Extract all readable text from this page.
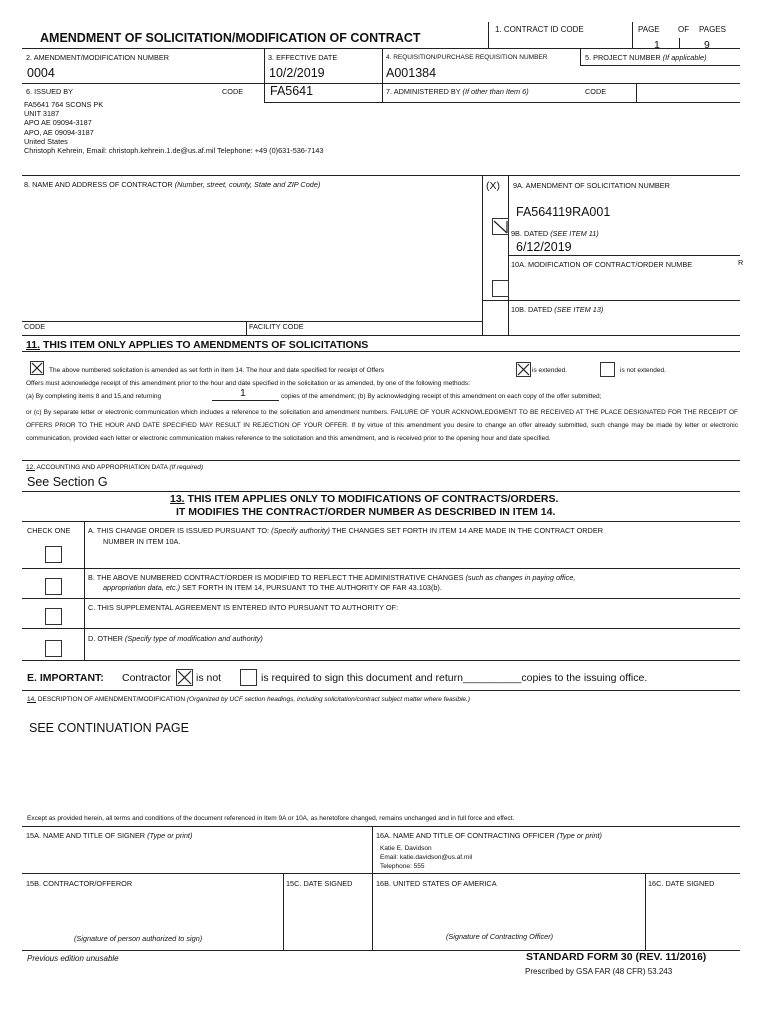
AMENDMENT OF SOLICITATION/MODIFICATION OF CONTRACT
1. CONTRACT ID CODE	PAGE OF PAGES
1	9
2. AMENDMENT/MODIFICATION NUMBER
0004
3. EFFECTIVE DATE
10/2/2019
4. REQUISITION/PURCHASE REQUISITION NUMBER
A001384
5. PROJECT NUMBER (If applicable)
6. ISSUED BY	CODE FA5641	7. ADMINISTERED BY (If other than Item 6)	CODE
FA5641 764 SCONS PK
UNIT 3187
APO AE 09094-3187
APO, AE 09094-3187
United States
Christoph Kehrein, Email: christoph.kehrein.1.de@us.af.mil Telephone: +49 (0)631-536-7143
8. NAME AND ADDRESS OF CONTRACTOR (Number, street, county, State and ZIP Code)	(X) 9A. AMENDMENT OF SOLICITATION NUMBER
FA564119RA001
9B. DATED (SEE ITEM 11)
6/12/2019
10A. MODIFICATION OF CONTRACT/ORDER NUMBE	R
10B. DATED (SEE ITEM 13)
CODE	FACILITY CODE
11. THIS ITEM ONLY APPLIES TO AMENDMENTS OF SOLICITATIONS
The above numbered solicitation is amended as set forth in Item 14. The hour and date specified for receipt of Offers	is extended.	is not extended.
Offers must acknowledge receipt of this amendment prior to the hour and date specified in the solicitation or as amended, by one of the following methods:
(a) By completing items 8 and 15,and returning	1	copies of the amendment; (b) By acknowledging receipt of this amendment on each copy of the offer submitted;
or (c) By separate letter or electronic communication which includes a reference to the solicitation and amendment numbers. FAILURE OF YOUR ACKNOWLEDGMENT TO BE RECEIVED AT THE PLACE DESIGNATED FOR THE RECEIPT OF OFFERS PRIOR TO THE HOUR AND DATE SPECIFIED MAY RESULT IN REJECTION OF YOUR OFFER. If by virtue of this amendment you desire to change an offer already submitted, such change may be made by letter or electronic communication, provided each letter or electronic communication makes reference to the solicitation and this amendment, and is received prior to the opening hour and date specified.
12. ACCOUNTING AND APPROPRIATION DATA (If required)
See Section G
13. THIS ITEM APPLIES ONLY TO MODIFICATIONS OF CONTRACTS/ORDERS.
IT MODIFIES THE CONTRACT/ORDER NUMBER AS DESCRIBED IN ITEM 14.
CHECK ONE A. THIS CHANGE ORDER IS ISSUED PURSUANT TO: (Specify authority) THE CHANGES SET FORTH IN ITEM 14 ARE MADE IN THE CONTRACT ORDER
NUMBER IN ITEM 10A.
B. THE ABOVE NUMBERED CONTRACT/ORDER IS MODIFIED TO REFLECT THE ADMINISTRATIVE CHANGES (such as changes in paying office,
appropriation data, etc.) SET FORTH IN ITEM 14, PURSUANT TO THE AUTHORITY OF FAR 43.103(b).
C. THIS SUPPLEMENTAL AGREEMENT IS ENTERED INTO PURSUANT TO AUTHORITY OF:
D. OTHER (Specify type of modification and authority)
E. IMPORTANT: Contractor is not	is required to sign this document and return__________copies to the issuing office.
14. DESCRIPTION OF AMENDMENT/MODIFICATION (Organized by UCF section headings, including solicitation/contract subject matter where feasible.)
SEE CONTINUATION PAGE
Except as provided herein, all terms and conditions of the document referenced in Item 9A or 10A, as heretofore changed, remains unchanged and in full force and effect.
15A. NAME AND TITLE OF SIGNER (Type or print)	16A. NAME AND TITLE OF CONTRACTING OFFICER (Type or print)
Katie E. Davidson
Email: katie.davidson@us.af.mil
Telephone: 555
15B. CONTRACTOR/OFFEROR	15C. DATE SIGNED	16B. UNITED STATES OF AMERICA	16C. DATE SIGNED
(Signature of person authorized to sign)	(Signature of Contracting Officer)
Previous edition unusable	STANDARD FORM 30 (REV. 11/2016)
Prescribed by GSA FAR (48 CFR) 53.243
